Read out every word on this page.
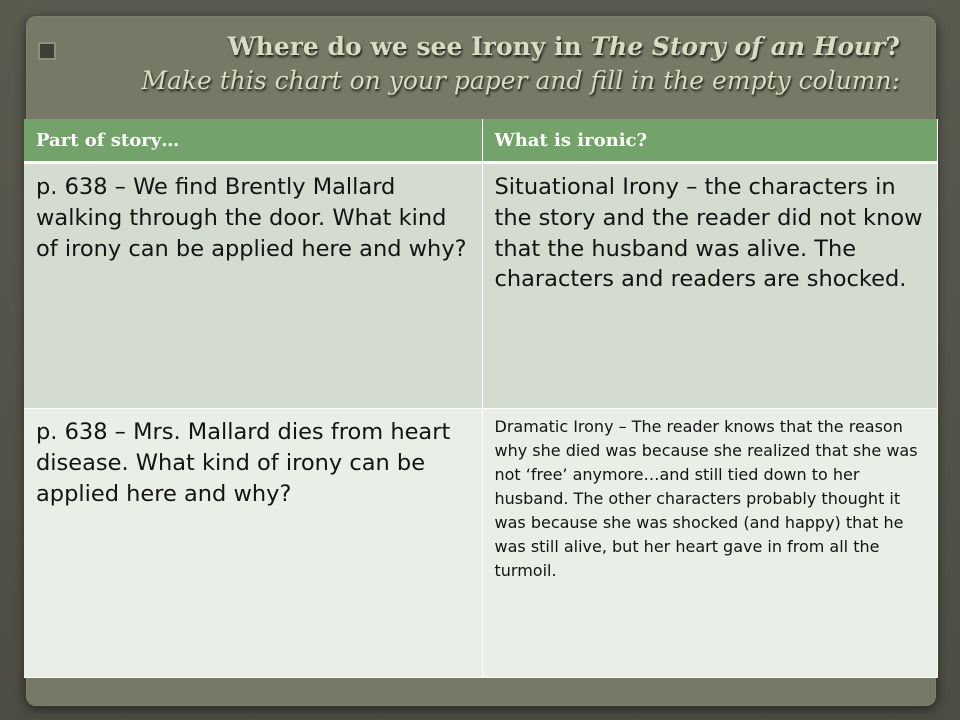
Where do we see Irony in The Story of an Hour?
Make this chart on your paper and fill in the empty column:
Part of story…	What is ironic?
p. 638 – We find Brently Mallard walking through the door. What kind of irony can be applied here and why?	Situational Irony – the characters in the story and the reader did not know that the husband was alive. The characters and readers are shocked.
p. 638 – Mrs. Mallard dies from heart disease. What kind of irony can be applied here and why?	Dramatic Irony – The reader knows that the reason why she died was because she realized that she was not ‘free’ anymore…and still tied down to her husband. The other characters probably thought it was because she was shocked (and happy) that he was still alive, but her heart gave in from all the turmoil.
